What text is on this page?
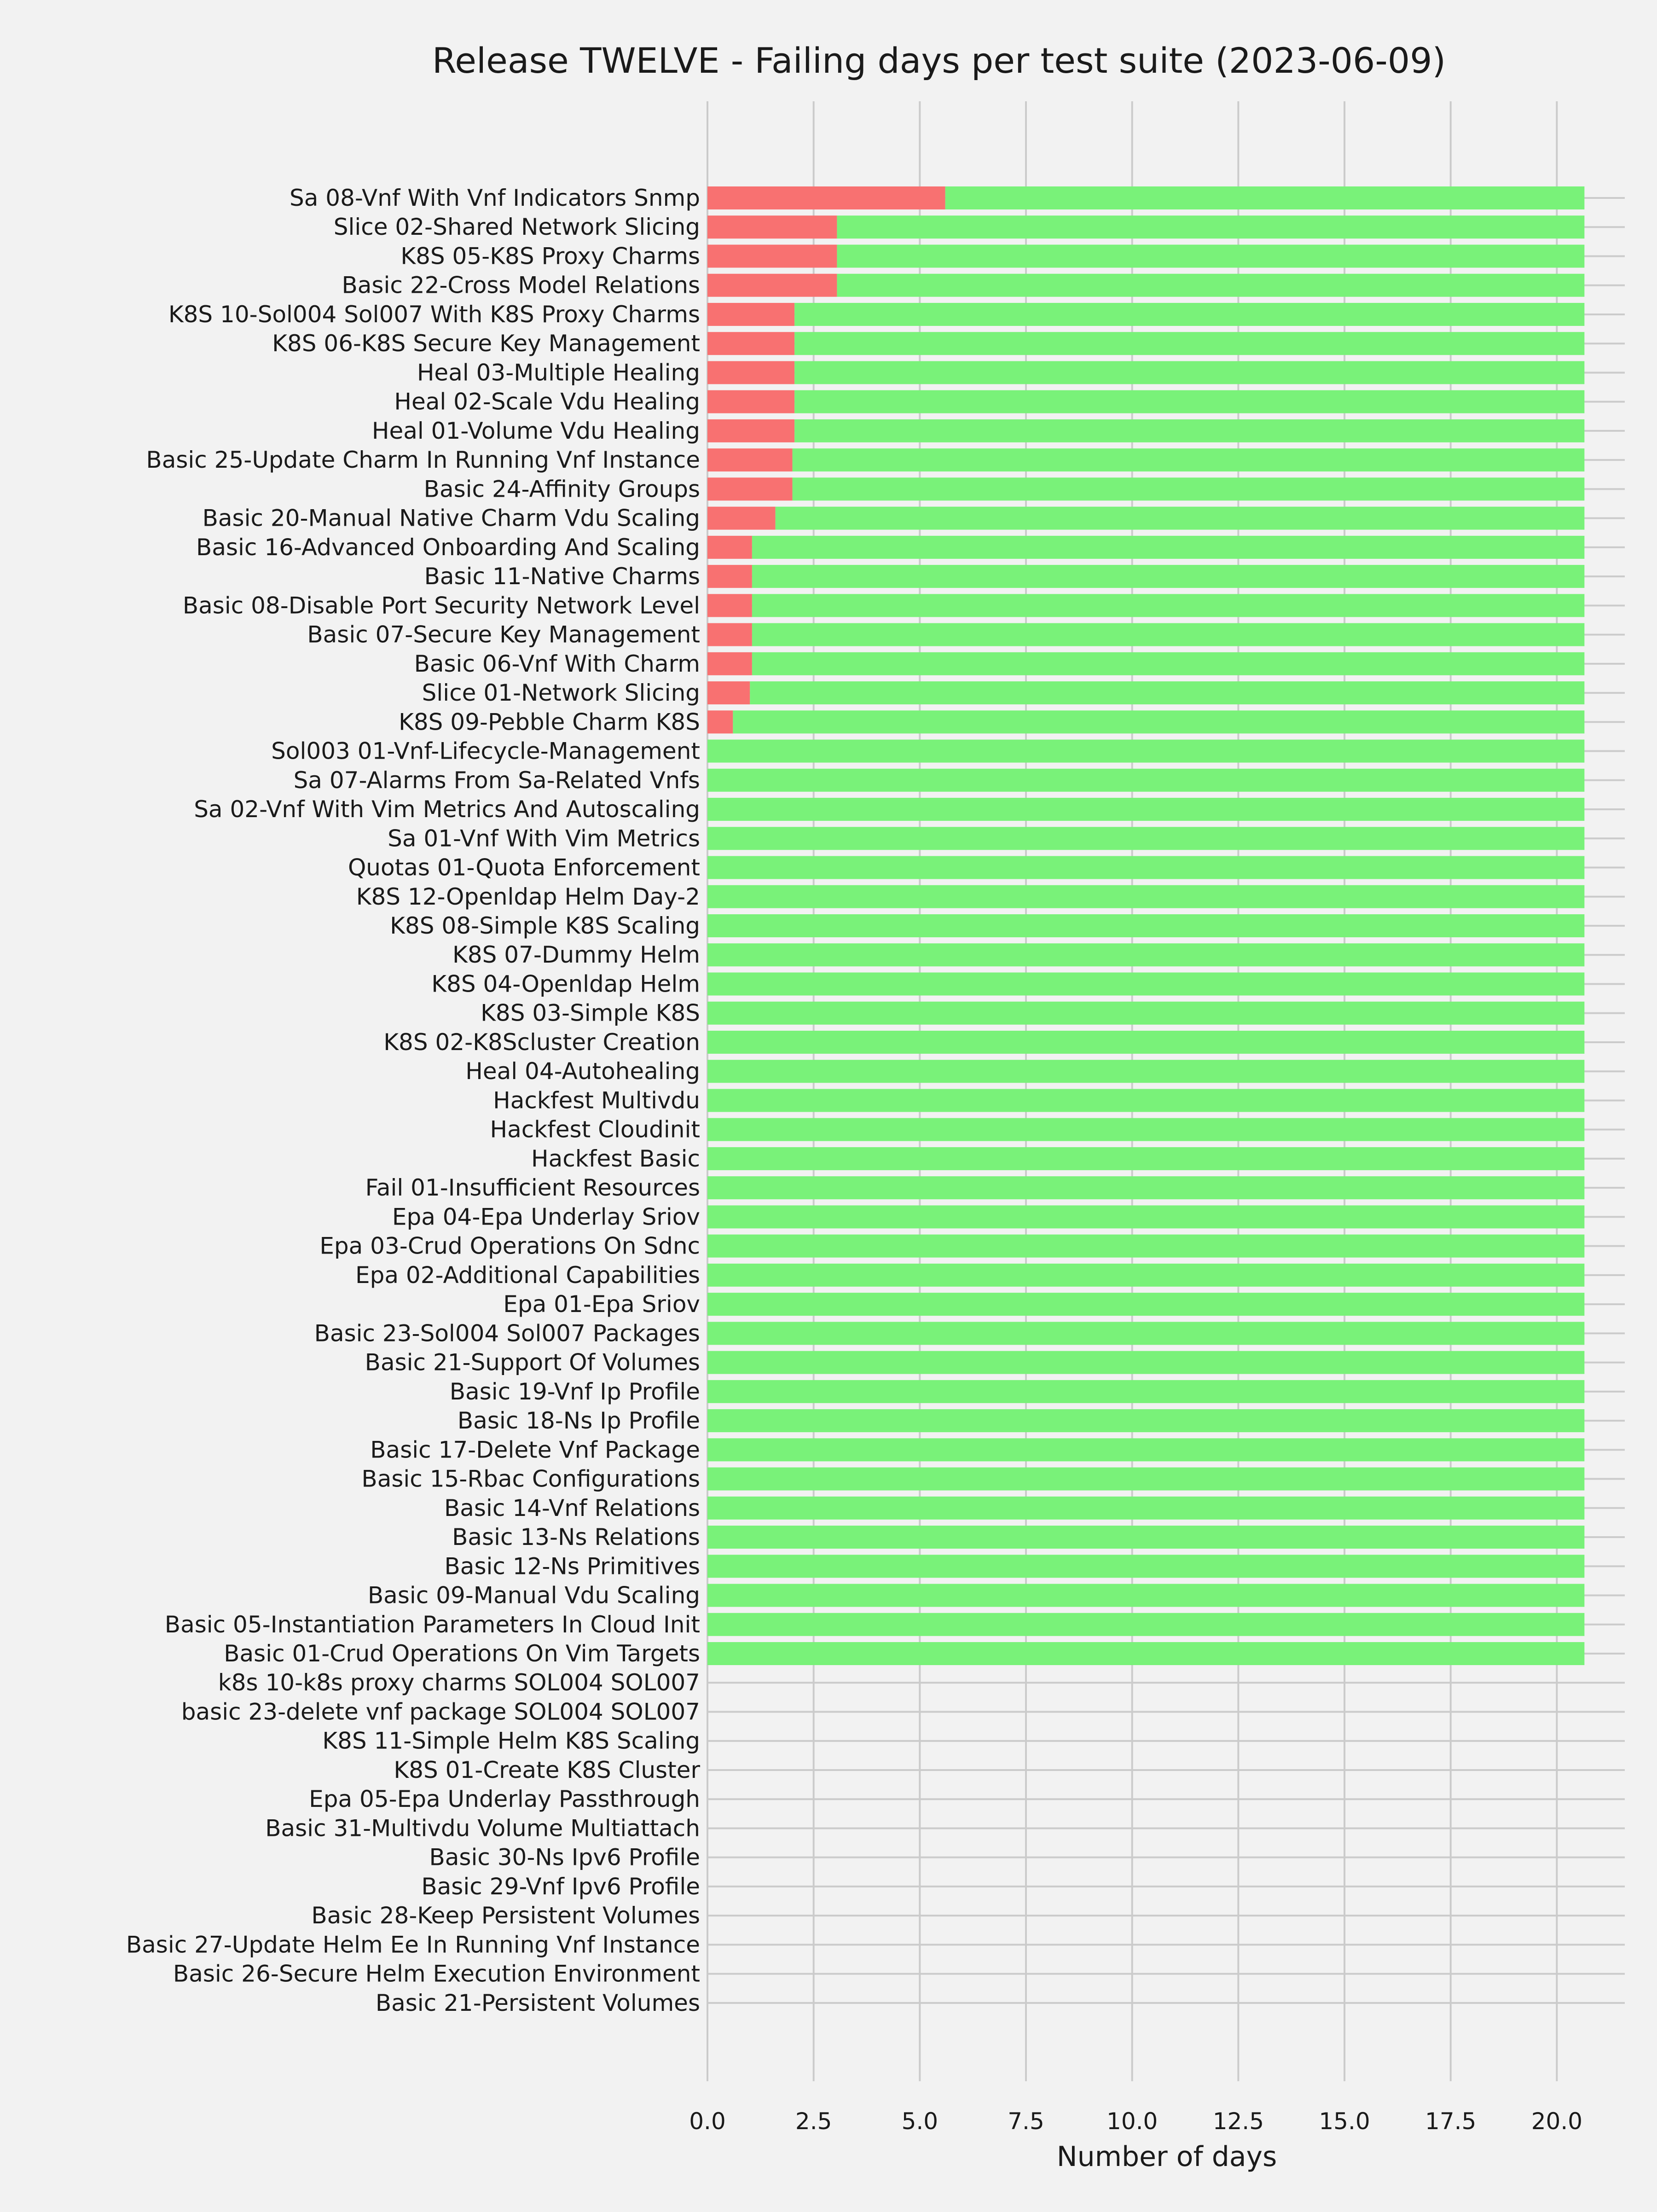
Sa 08-Vnf With Vnf Indicators Snmp
Slice 02-Shared Network Slicing
K8S 05-K8S Proxy Charms
Basic 22-Cross Model Relations
K8S 10-Sol004 Sol007 With K8S Proxy Charms
K8S 06-K8S Secure Key Management
Heal 03-Multiple Healing
Heal 02-Scale Vdu Healing
Heal 01-Volume Vdu Healing
Basic 25-Update Charm In Running Vnf Instance
Basic 24-Affinity Groups
Basic 20-Manual Native Charm Vdu Scaling
Basic 16-Advanced Onboarding And Scaling
Basic 11-Native Charms
Basic 08-Disable Port Security Network Level
Basic 07-Secure Key Management
Basic 06-Vnf With Charm
Slice 01-Network Slicing
K8S 09-Pebble Charm K8S
Sol003 01-Vnf-Lifecycle-Management
Sa 07-Alarms From Sa-Related Vnfs
Sa 02-Vnf With Vim Metrics And Autoscaling
Sa 01-Vnf With Vim Metrics
Quotas 01-Quota Enforcement
K8S 12-Openldap Helm Day-2
K8S 08-Simple K8S Scaling
K8S 07-Dummy Helm
K8S 04-Openldap Helm
K8S 03-Simple K8S
K8S 02-K8Scluster Creation
Heal 04-Autohealing
Hackfest Multivdu
Hackfest Cloudinit
Hackfest Basic
Fail 01-Insufficient Resources
Epa 04-Epa Underlay Sriov
Epa 03-Crud Operations On Sdnc
Epa 02-Additional Capabilities
Epa 01-Epa Sriov
Basic 23-Sol004 Sol007 Packages
Basic 21-Support Of Volumes
Basic 19-Vnf Ip Profile
Basic 18-Ns Ip Profile
Basic 17-Delete Vnf Package
Basic 15-Rbac Configurations
Basic 14-Vnf Relations
Basic 13-Ns Relations
Basic 12-Ns Primitives
Basic 09-Manual Vdu Scaling
Basic 05-Instantiation Parameters In Cloud Init
Basic 01-Crud Operations On Vim Targets
k8s 10-k8s proxy charms SOL004 SOL007
basic 23-delete vnf package SOL004 SOL007
K8S 11-Simple Helm K8S Scaling
K8S 01-Create K8S Cluster
Epa 05-Epa Underlay Passthrough
Basic 31-Multivdu Volume Multiattach
Basic 30-Ns Ipv6 Profile
Basic 29-Vnf Ipv6 Profile
Basic 28-Keep Persistent Volumes
Basic 27-Update Helm Ee In Running Vnf Instance
Basic 26-Secure Helm Execution Environment
Basic 21-Persistent Volumes
0.0	2.5	5.0	7.5	10.0 12.5 15.0 17.5 20.0
Release TWELVE - Failing days per test suite (2023-06-09)
Number of days
